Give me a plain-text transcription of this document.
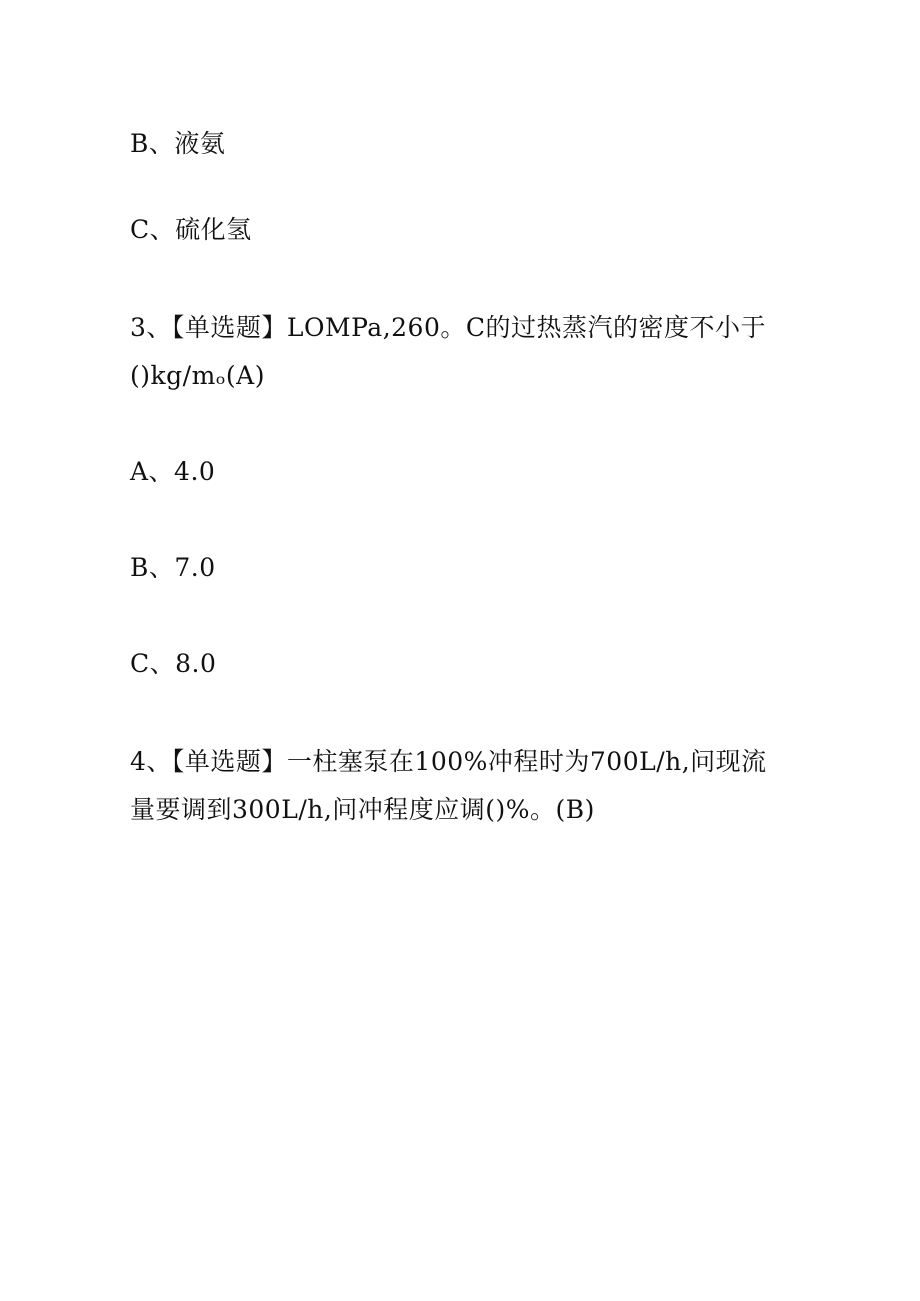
B、液氨
C、硫化氢
3、【单选题】LOMPa,260。C的过热蒸汽的密度不小于
()kg/mₒ(A)
A、4.0
B、7.0
C、8.0
4、【单选题】一柱塞泵在100%冲程时为700L/h,问现流
量要调到300L/h,问冲程度应调()%。(B)
